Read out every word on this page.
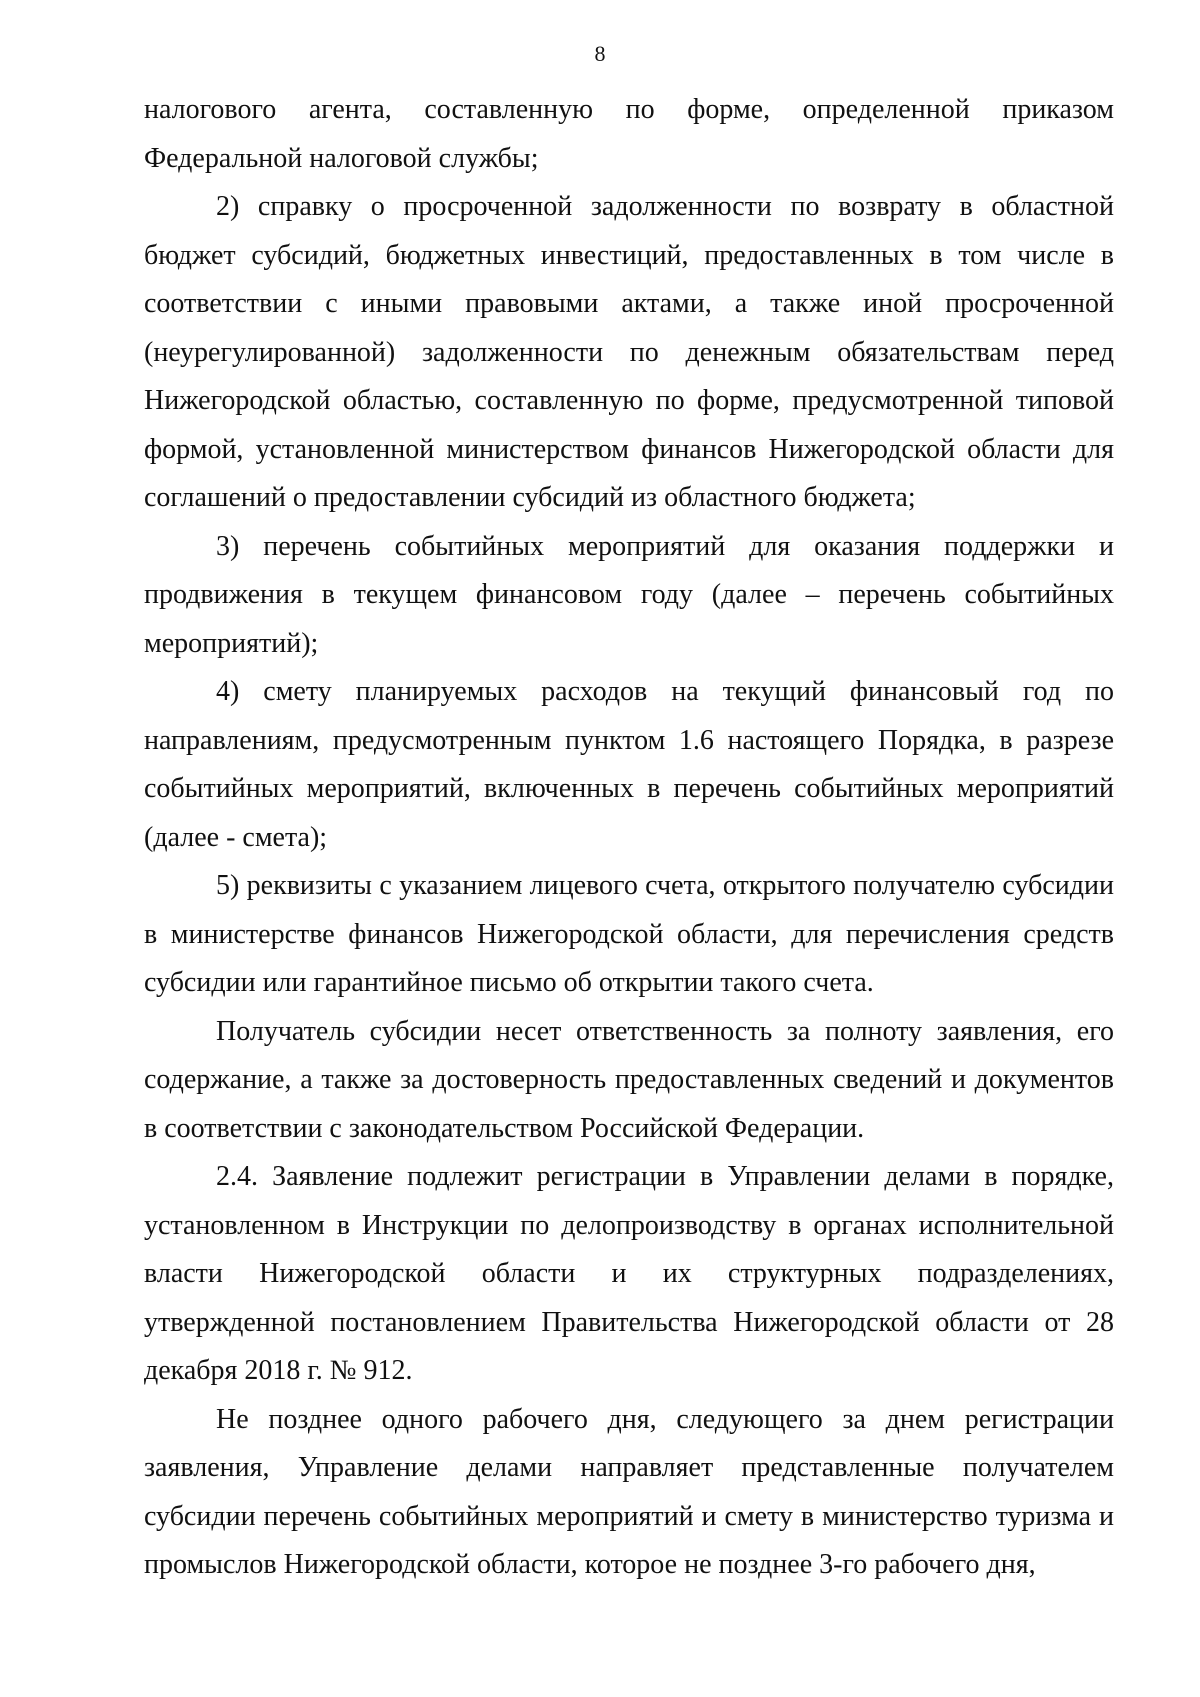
8

налогового агента, составленную по форме, определенной приказом Федеральной налоговой службы;

2) справку о просроченной задолженности по возврату в областной бюджет субсидий, бюджетных инвестиций, предоставленных в том числе в соответствии с иными правовыми актами, а также иной просроченной (неурегулированной) задолженности по денежным обязательствам перед Нижегородской областью, составленную по форме, предусмотренной типовой формой, установленной министерством финансов Нижегородской области для соглашений о предоставлении субсидий из областного бюджета;

3) перечень событийных мероприятий для оказания поддержки и продвижения в текущем финансовом году (далее – перечень событийных мероприятий);

4) смету планируемых расходов на текущий финансовый год по направлениям, предусмотренным пунктом 1.6 настоящего Порядка, в разрезе событийных мероприятий, включенных в перечень событийных мероприятий (далее - смета);

5) реквизиты с указанием лицевого счета, открытого получателю субсидии в министерстве финансов Нижегородской области, для перечисления средств субсидии или гарантийное письмо об открытии такого счета.

Получатель субсидии несет ответственность за полноту заявления, его содержание, а также за достоверность предоставленных сведений и документов в соответствии с законодательством Российской Федерации.

2.4. Заявление подлежит регистрации в Управлении делами в порядке, установленном в Инструкции по делопроизводству в органах исполнительной власти Нижегородской области и их структурных подразделениях, утвержденной постановлением Правительства Нижегородской области от 28 декабря 2018 г. № 912.

Не позднее одного рабочего дня, следующего за днем регистрации заявления, Управление делами направляет представленные получателем субсидии перечень событийных мероприятий и смету в министерство туризма и промыслов Нижегородской области, которое не позднее 3-го рабочего дня,
